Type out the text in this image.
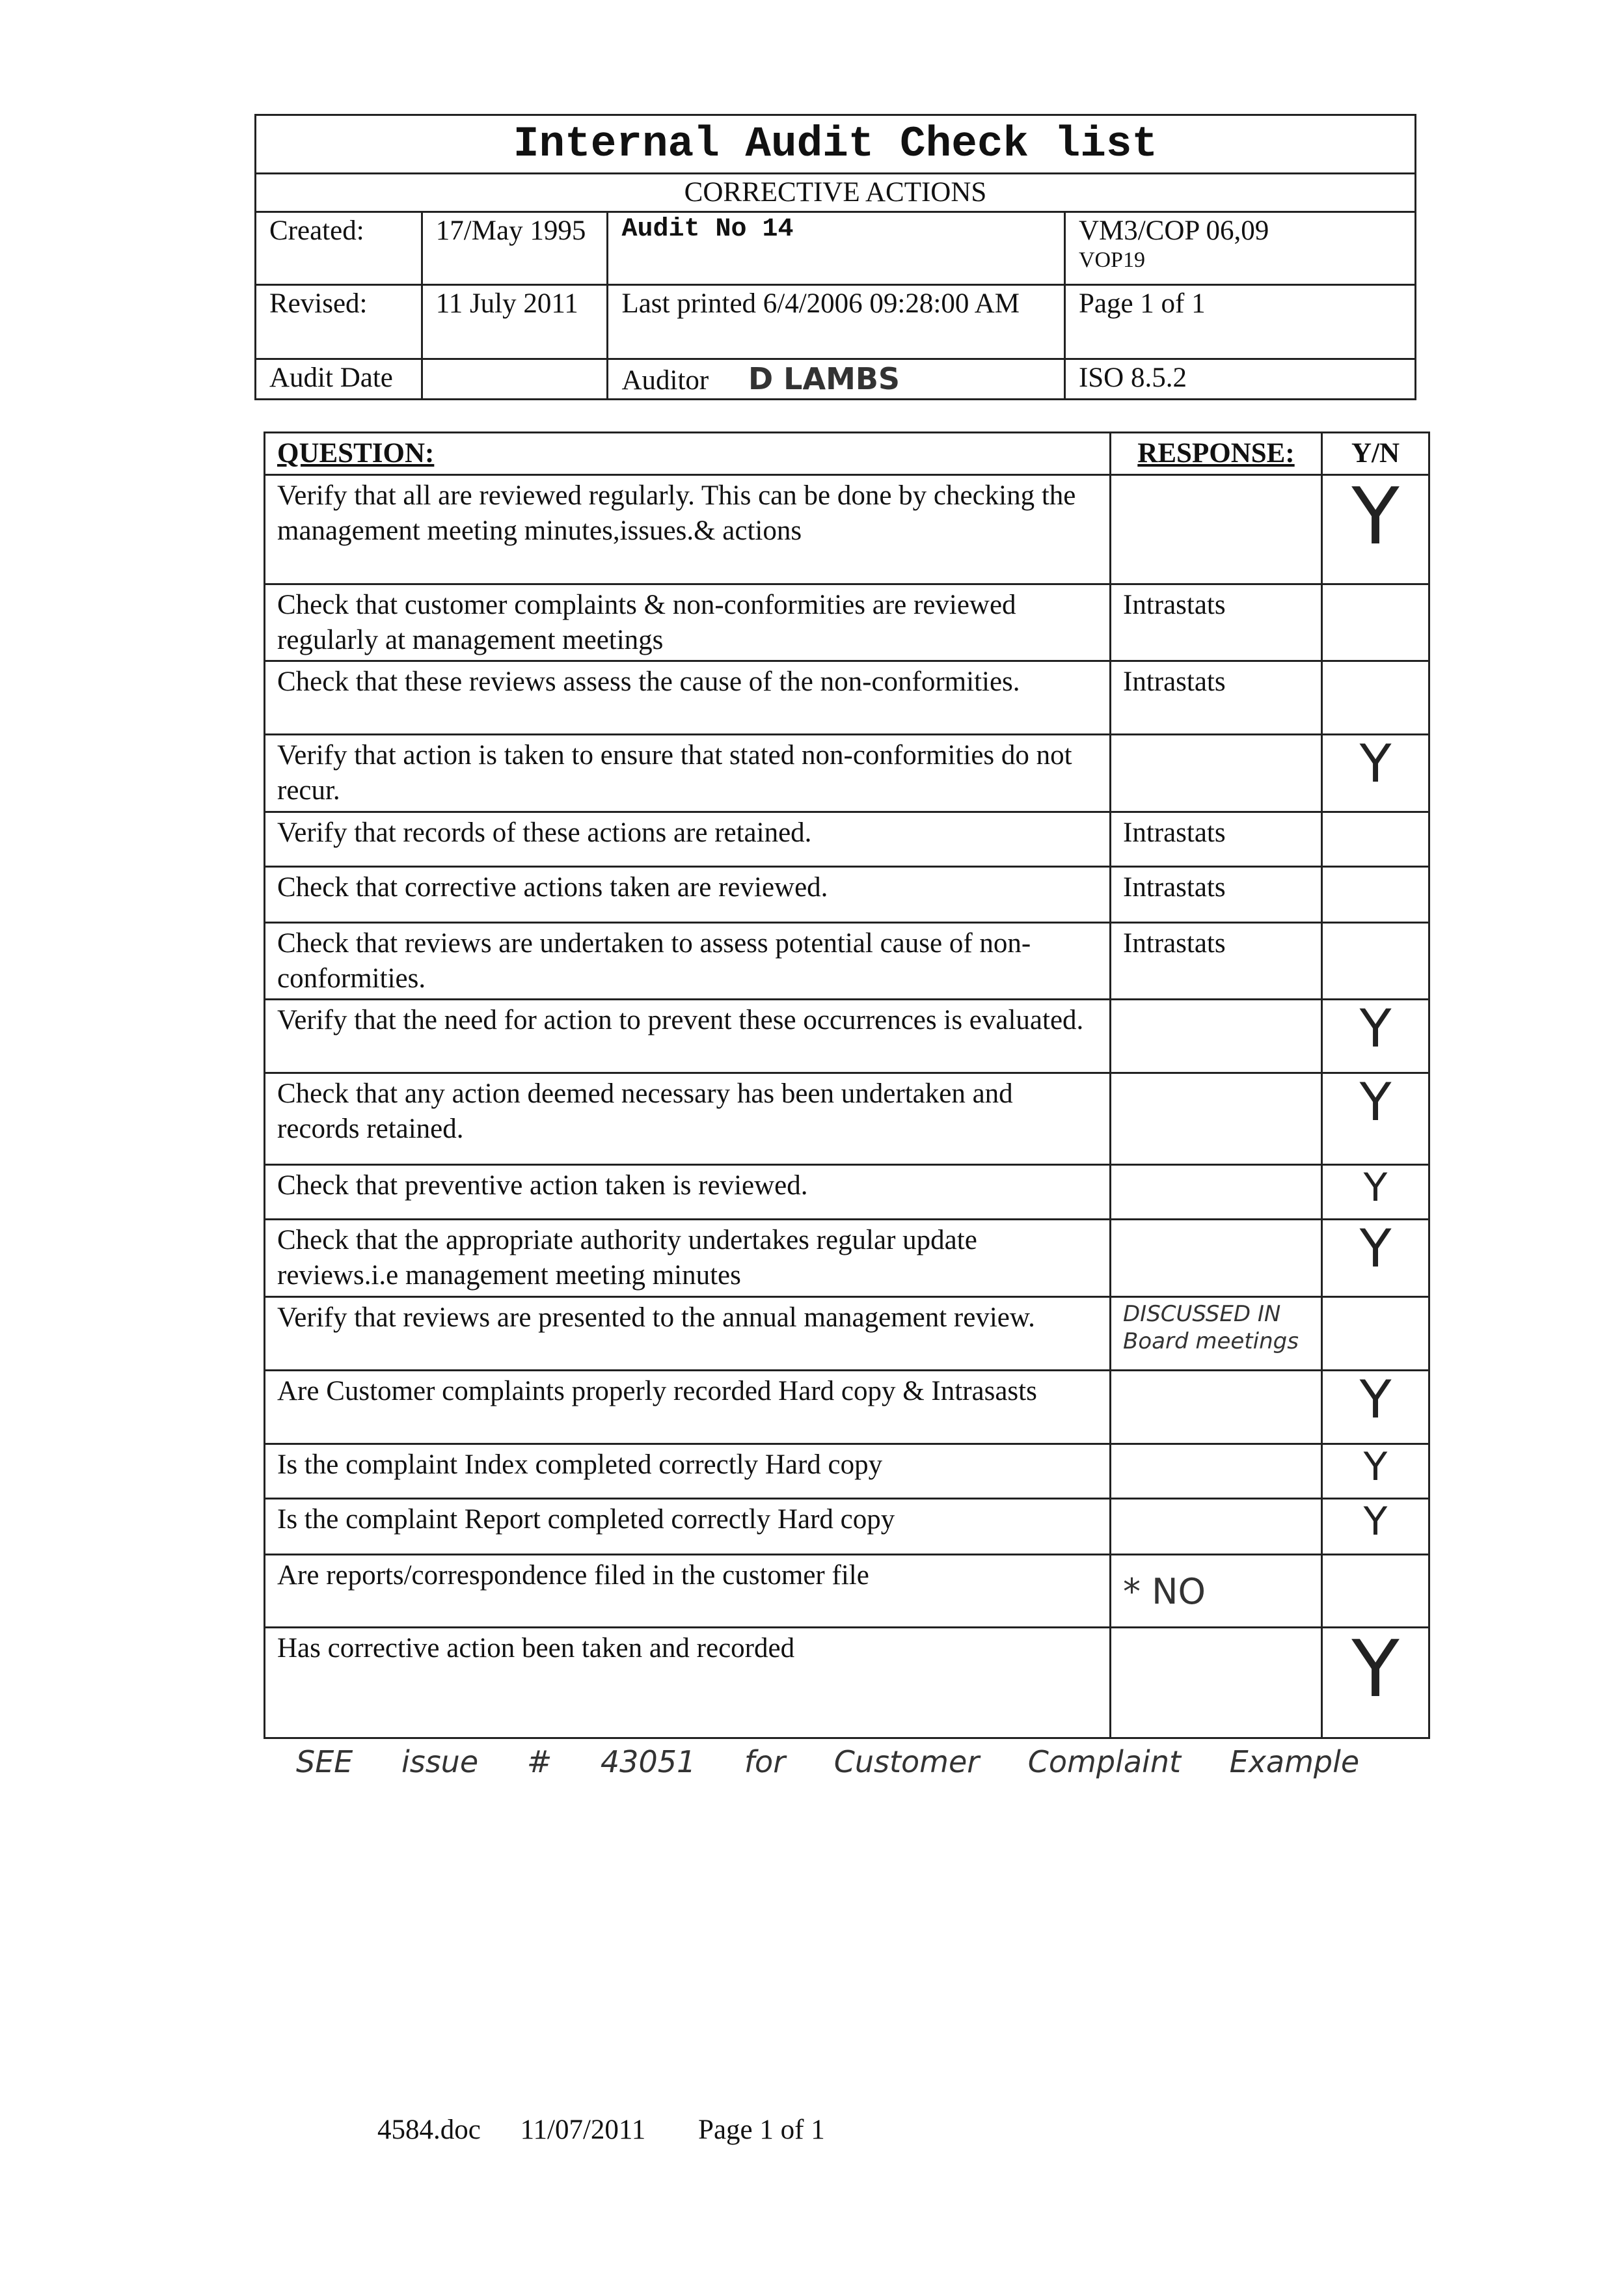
Internal Audit Check list			
CORRECTIVE ACTIONS			
Created:	17/May 1995	Audit No 14	VM3/COP 06,09
VOP19

Revised:	11 July 2011	Last printed 6/4/2006 09:28:00 AM	Page 1 of 1
Audit Date		Auditor D LAMBS	ISO 8.5.2
QUESTION:	RESPONSE:	Y/N
Verify that all are reviewed regularly. This can be done by checking the management meeting minutes,issues.& actions		Y

Check that customer complaints & non-conformities are reviewed regularly at management meetings	Intrastats	

Check that these reviews assess the cause of the non-conformities.	Intrastats	

Verify that action is taken to ensure that stated non-conformities do not recur.		Y

Verify that records of these actions are retained.	Intrastats	

Check that corrective actions taken are reviewed.	Intrastats	

Check that reviews are undertaken to assess potential cause of non-conformities.	Intrastats	

Verify that the need for action to prevent these occurrences is evaluated.		Y

Check that any action deemed necessary has been undertaken and records retained.		Y

Check that preventive action taken is reviewed.		Y

Check that the appropriate authority undertakes regular update reviews.i.e management meeting minutes		Y

Verify that reviews are presented to the annual management review.	DISCUSSED IN Board meetings	

Are Customer complaints properly recorded Hard copy & Intrasasts		Y

Is the complaint Index completed correctly Hard copy		Y

Is the complaint Report completed correctly Hard copy		Y

Are reports/correspondence filed in the customer file	* NO	

Has corrective action been taken and recorded		Y
SEE issue # 43051 for Customer Complaint Example
4584.doc 11/07/2011 Page 1 of 1
